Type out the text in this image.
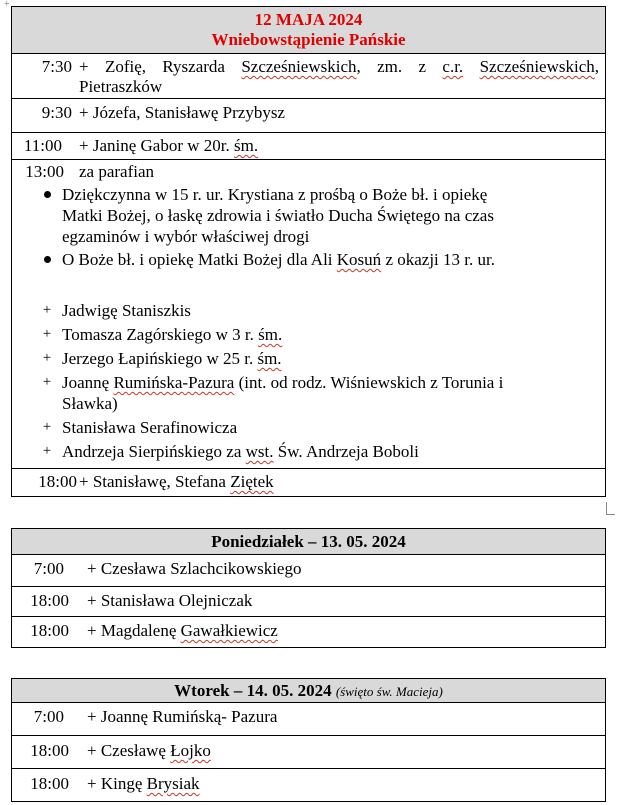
+
12 MAJA 2024
Wniebowstąpienie Pańskie
7:30 + Zofię, Ryszarda Szcześniewskich, zm. z c.r. Szcześniewskich,
Pietraszków
9:30 + Józefa, Stanisławę Przybysz
11:00 + Janinę Gabor w 20r. śm.
13:00 za parafian
Dziękczynna w 15 r. ur. Krystiana z prośbą o Boże bł. i opiekę
Matki Bożej, o łaskę zdrowia i światło Ducha Świętego na czas
egzaminów i wybór właściwej drogi
O Boże bł. i opiekę Matki Bożej dla Ali Kosuń z okazji 13 r. ur.
+ Jadwigę Staniszkis
+ Tomasza Zagórskiego w 3 r. śm.
+ Jerzego Łapińskiego w 25 r. śm.
+ Joannę Rumińska-Pazura (int. od rodz. Wiśniewskich z Torunia i
Sławka)
+ Stanisława Serafinowicza
+ Andrzeja Sierpińskiego za wst. Św. Andrzeja Boboli
18:00 + Stanisławę, Stefana Ziętek
Poniedziałek – 13. 05. 2024
7:00 + Czesława Szlachcikowskiego
18:00 + Stanisława Olejniczak
18:00 + Magdalenę Gawałkiewicz
Wtorek – 14. 05. 2024 (święto św. Macieja)
7:00 + Joannę Rumińską- Pazura
18:00 + Czesławę Łojko
18:00 + Kingę Brysiak
